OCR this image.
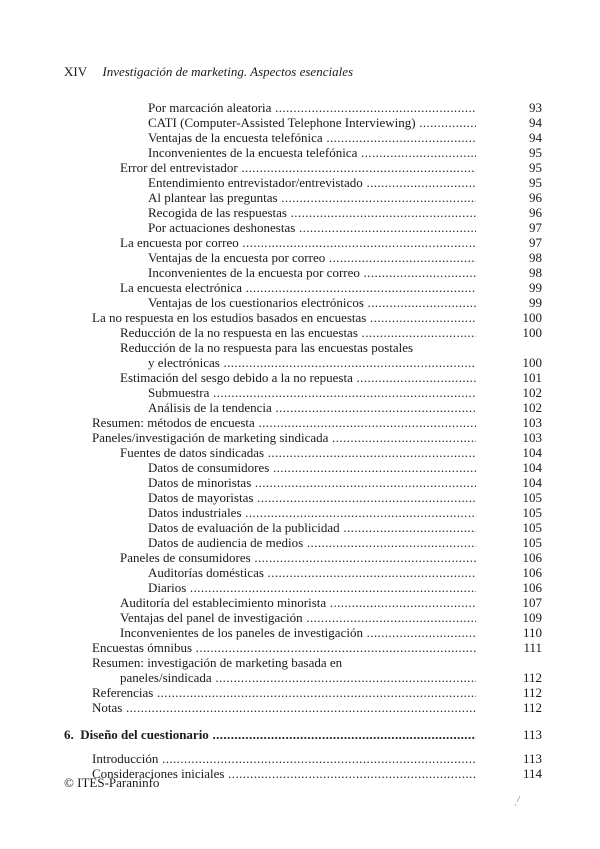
XIV Investigación de marketing. Aspectos esenciales
Por marcación aleatoria .....	93
CATI (Computer-Assisted Telephone Interviewing) .....	94
Ventajas de la encuesta telefónica .....	94
Inconvenientes de la encuesta telefónica .....	95
Error del entrevistador .....	95
Entendimiento entrevistador/entrevistado .....	95
Al plantear las preguntas .....	96
Recogida de las respuestas .....	96
Por actuaciones deshonestas .....	97
La encuesta por correo .....	97
Ventajas de la encuesta por correo .....	98
Inconvenientes de la encuesta por correo .....	98
La encuesta electrónica .....	99
Ventajas de los cuestionarios electrónicos .....	99
La no respuesta en los estudios basados en encuestas .....	100
Reducción de la no respuesta en las encuestas .....	100
Reducción de la no respuesta para las encuestas postales
y electrónicas .....	100
Estimación del sesgo debido a la no repuesta .....	101
Submuestra .....	102
Análisis de la tendencia .....	102
Resumen: métodos de encuesta .....	103
Paneles/investigación de marketing sindicada .....	103
Fuentes de datos sindicadas .....	104
Datos de consumidores .....	104
Datos de minoristas .....	104
Datos de mayoristas .....	105
Datos industriales .....	105
Datos de evaluación de la publicidad .....	105
Datos de audiencia de medios .....	105
Paneles de consumidores .....	106
Auditorías domésticas .....	106
Diarios .....	106
Auditoría del establecimiento minorista .....	107
Ventajas del panel de investigación .....	109
Inconvenientes de los paneles de investigación .....	110
Encuestas ómnibus .....	111
Resumen: investigación de marketing basada en
paneles/sindicada .....	112
Referencias .....	112
Notas .....	112
6.  Diseño del cuestionario .....	113
Introducción .....	113
Consideraciones iniciales .....	114
© ITES-Paraninfo
